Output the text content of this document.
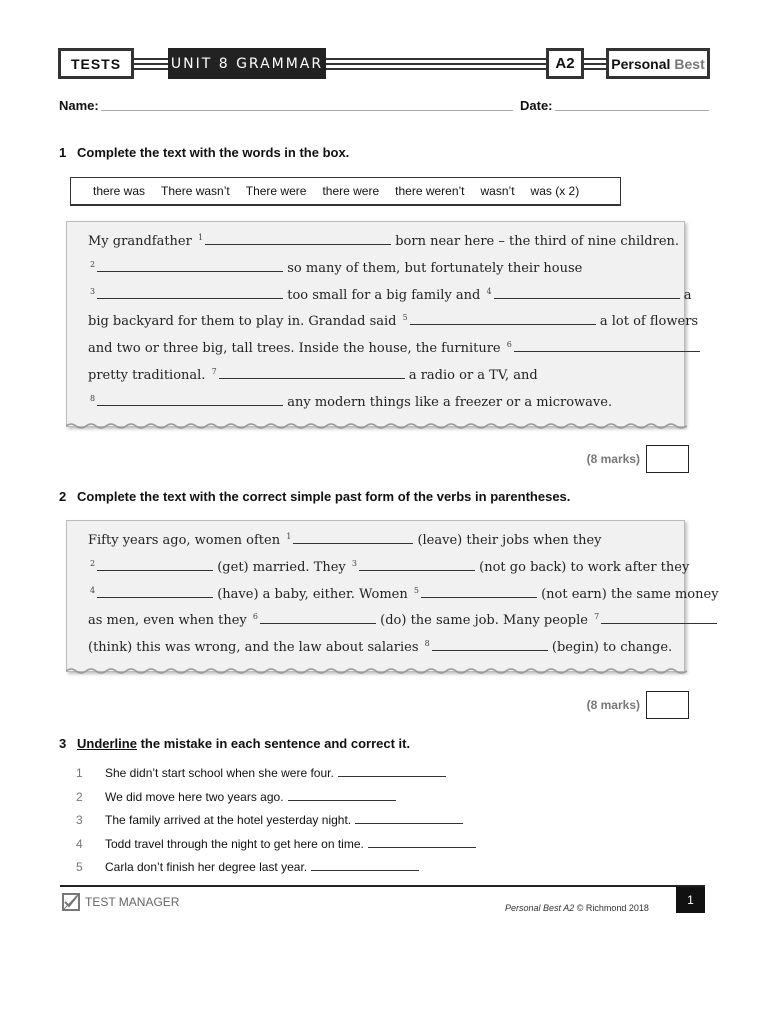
TESTS	UNIT 8 GRAMMAR	A2	Personal Best
Name:	Date:
1 Complete the text with the words in the box.
there was There wasn’t There were there were there weren’t wasn’t was (x 2)

My grandfather $^1$	born near here – the third of nine children.

$^2$	so many of them, but fortunately their house

$^3$	too small for a big family and $^4$	a

big backyard for them to play in. Grandad said $^5$	a lot of flowers

and two or three big, tall trees. Inside the house, the furniture $^6$

pretty traditional. $^7$	a radio or a TV, and

$^8$	any modern things like a freezer or a microwave.

(8 marks)
2 Complete the text with the correct simple past form of the verbs in parentheses.

Fifty years ago, women often $^1$	(leave) their jobs when they

$^2$	(get) married. They $^3$	(not go back) to work after they

$^4$	(have) a baby, either. Women $^5$	(not earn) the same money

as men, even when they $^6$	(do) the same job. Many people $^7$

(think) this was wrong, and the law about salaries $^8$	(begin) to change.

(8 marks)
3 Underline the mistake in each sentence and correct it.
1 She didn’t start school when she were four.
2 We did move here two years ago.
3 The family arrived at the hotel yesterday night.
4 Todd travel through the night to get here on time.
5 Carla don’t finish her degree last year.
TEST MANAGER	Personal Best A2 © Richmond 2018
1
